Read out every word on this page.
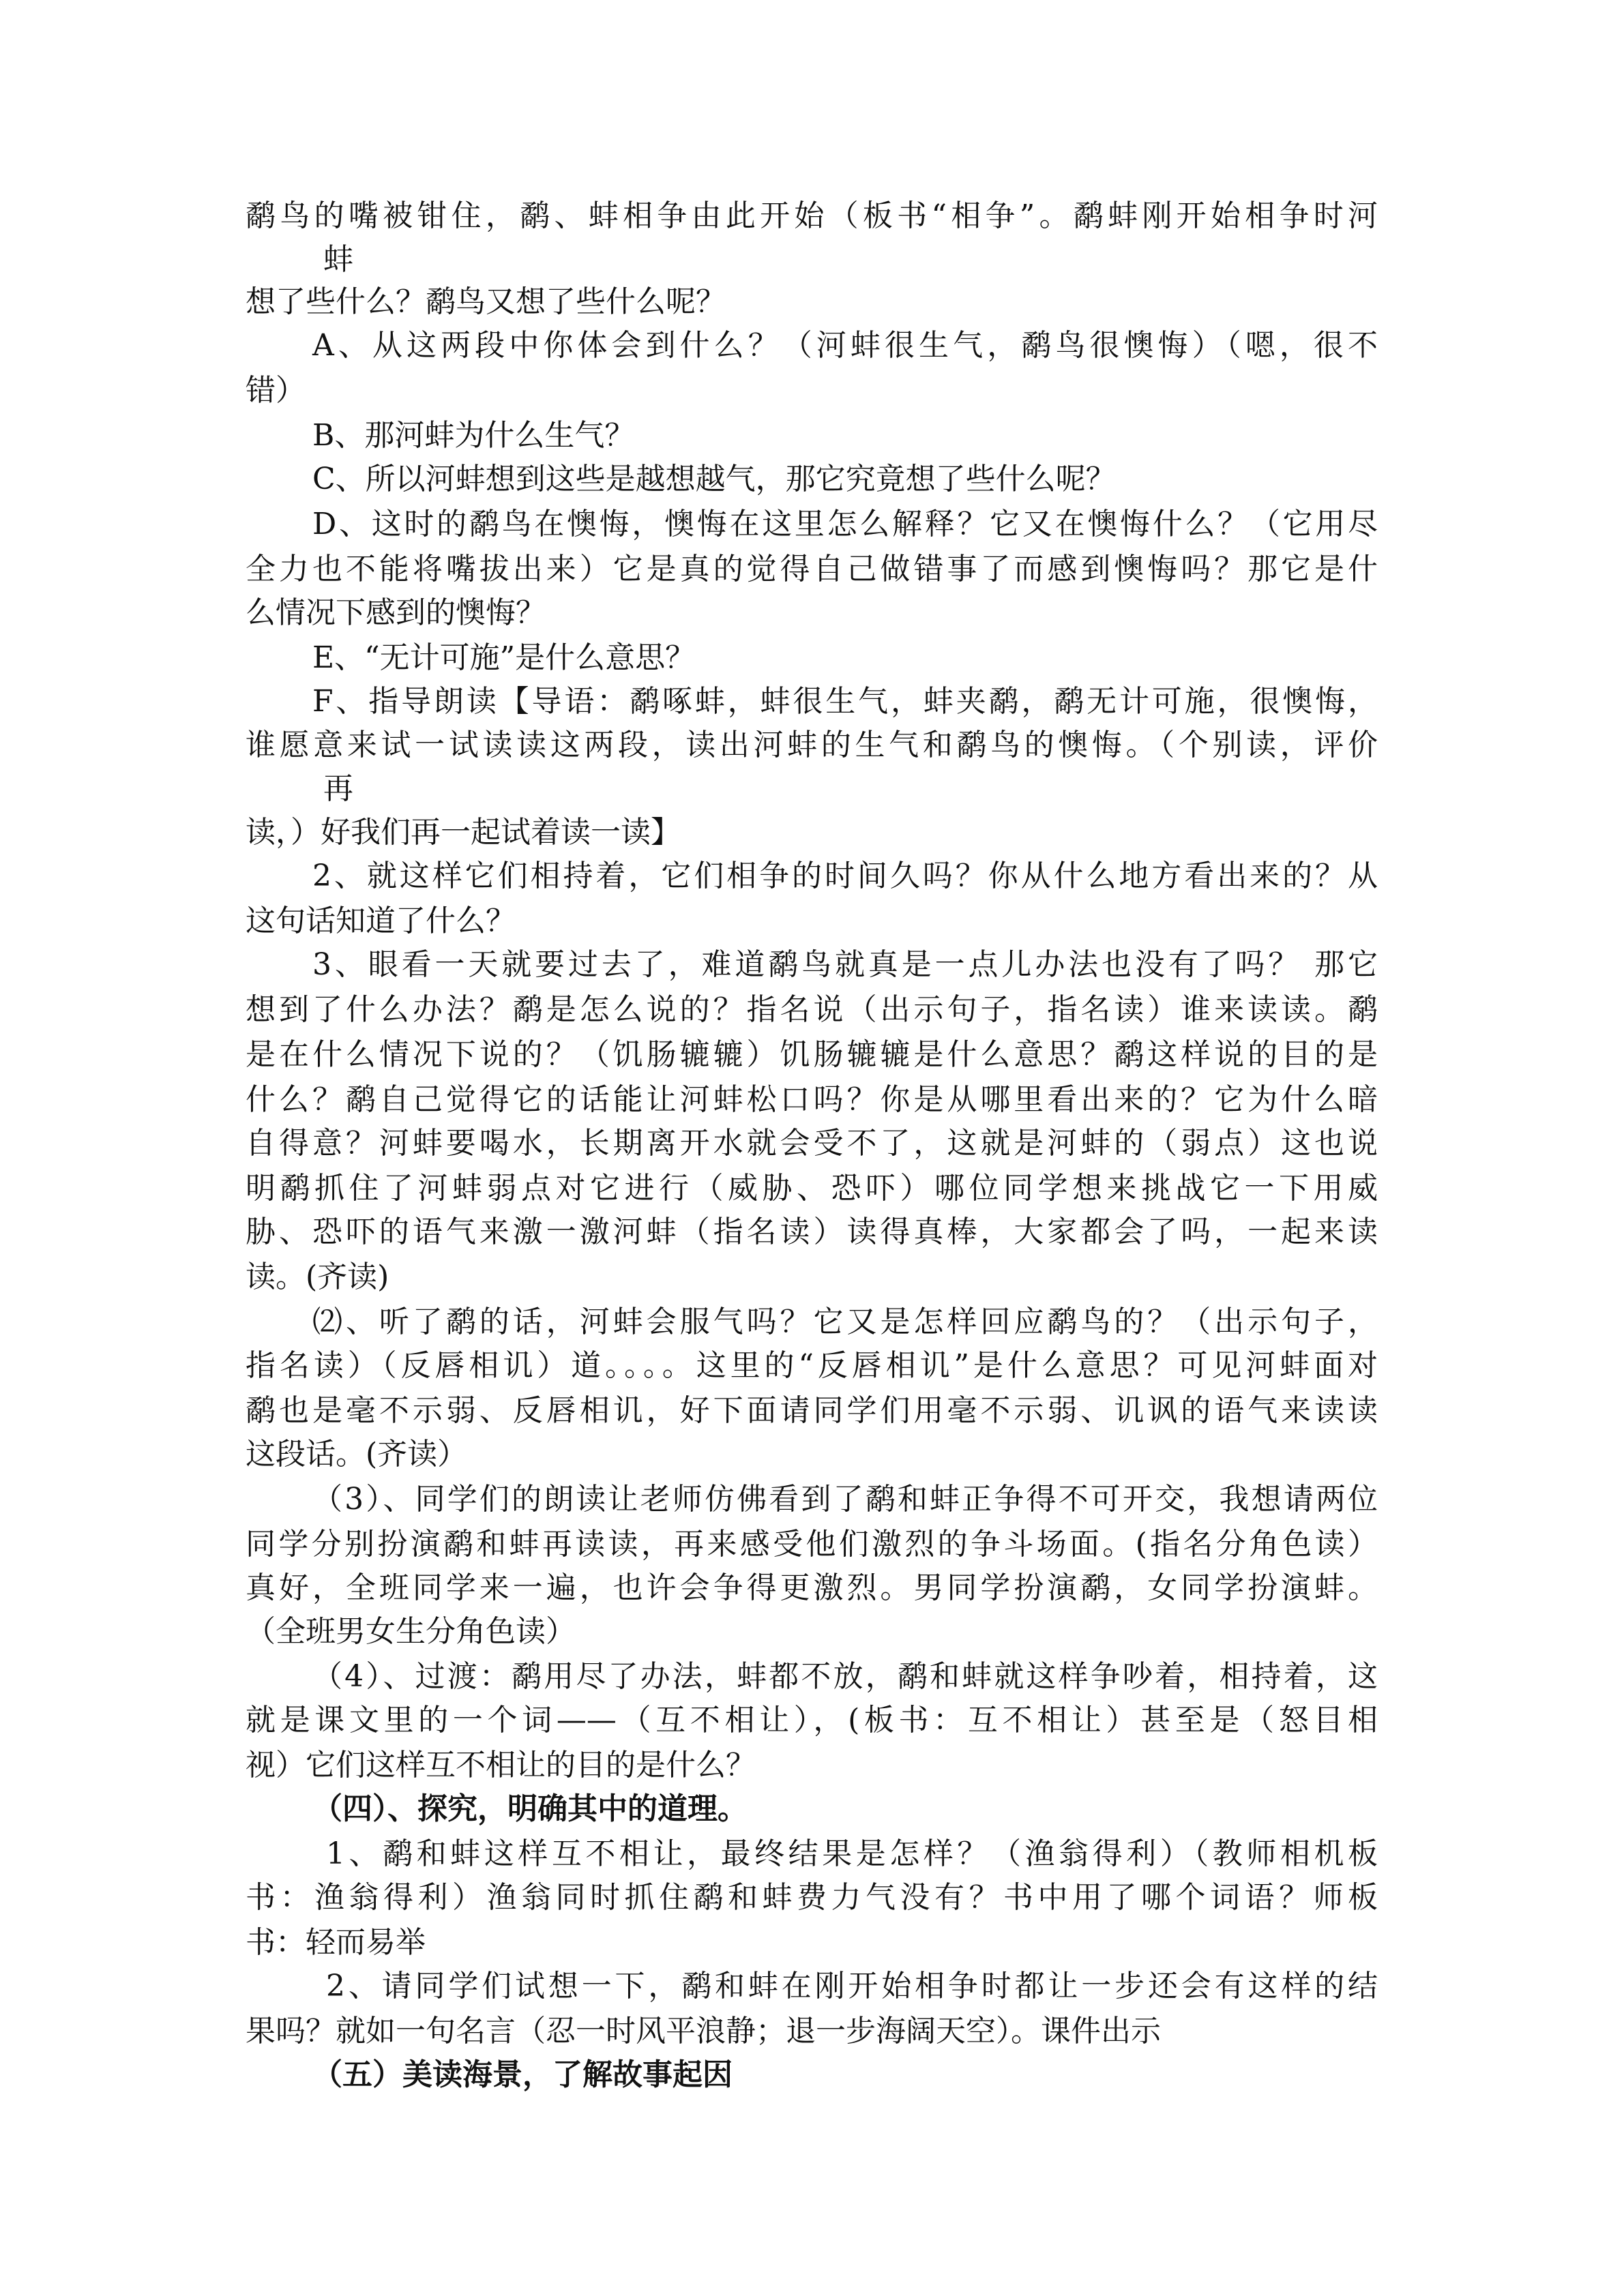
鹬鸟的嘴被钳住，鹬、蚌相争由此开始（板书“相争”。鹬蚌刚开始相争时河
蚌
想了些什么？鹬鸟又想了些什么呢？
A、从这两段中你体会到什么？（河蚌很生气，鹬鸟很懊悔）（嗯，很不
错）
B、那河蚌为什么生气？
C、所以河蚌想到这些是越想越气，那它究竟想了些什么呢？
D、这时的鹬鸟在懊悔，懊悔在这里怎么解释？它又在懊悔什么？（它用尽
全力也不能将嘴拔出来）它是真的觉得自己做错事了而感到懊悔吗？那它是什
么情况下感到的懊悔？
E、“无计可施”是什么意思？
F、指导朗读【导语：鹬啄蚌，蚌很生气，蚌夹鹬，鹬无计可施，很懊悔，
谁愿意来试一试读读这两段，读出河蚌的生气和鹬鸟的懊悔。（个别读，评价
再
读，）好我们再一起试着读一读】
2、就这样它们相持着，它们相争的时间久吗？你从什么地方看出来的？从
这句话知道了什么？
3、眼看一天就要过去了，难道鹬鸟就真是一点儿办法也没有了吗？ 那它
想到了什么办法？鹬是怎么说的？指名说（出示句子，指名读）谁来读读。鹬
是在什么情况下说的？（饥肠辘辘）饥肠辘辘是什么意思？鹬这样说的目的是
什么？鹬自己觉得它的话能让河蚌松口吗？你是从哪里看出来的？它为什么暗
自得意？河蚌要喝水，长期离开水就会受不了，这就是河蚌的（弱点）这也说
明鹬抓住了河蚌弱点对它进行（威胁、恐吓）哪位同学想来挑战它一下用威
胁、恐吓的语气来激一激河蚌（指名读）读得真棒，大家都会了吗，一起来读
读。(齐读)
⑵、听了鹬的话，河蚌会服气吗？它又是怎样回应鹬鸟的？（出示句子，
指名读）（反唇相讥）道。。。。这里的“反唇相讥”是什么意思？可见河蚌面对
鹬也是毫不示弱、反唇相讥，好下面请同学们用毫不示弱、讥讽的语气来读读
这段话。(齐读）
（3）、同学们的朗读让老师仿佛看到了鹬和蚌正争得不可开交，我想请两位
同学分别扮演鹬和蚌再读读，再来感受他们激烈的争斗场面。(指名分角色读）
真好，全班同学来一遍，也许会争得更激烈。男同学扮演鹬，女同学扮演蚌。
（全班男女生分角色读）
（4）、过渡：鹬用尽了办法，蚌都不放，鹬和蚌就这样争吵着，相持着，这
就是课文里的一个词——（互不相让），(板书：互不相让）甚至是（怒目相
视）它们这样互不相让的目的是什么？
（四）、探究，明确其中的道理。
1、鹬和蚌这样互不相让，最终结果是怎样？（渔翁得利）（教师相机板
书：渔翁得利）渔翁同时抓住鹬和蚌费力气没有？书中用了哪个词语？师板
书：轻而易举
2、请同学们试想一下，鹬和蚌在刚开始相争时都让一步还会有这样的结
果吗？就如一句名言（忍一时风平浪静；退一步海阔天空）。课件出示
（五）美读海景，了解故事起因
